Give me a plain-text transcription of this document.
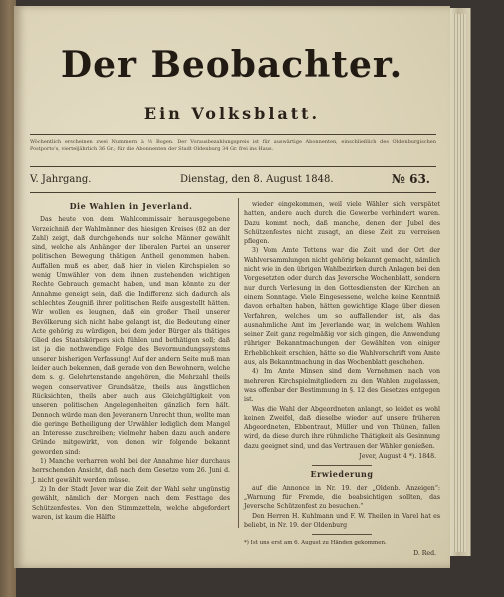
Der Beobachter.
Ein Volksblatt.
Wöchentlich erscheinen zwei Nummern à ½ Bogen. Der Vorausbezahlungspreis ist für auswärtige Abonnenten, einschließlich des Oldenburgischen Postporto's, vierteljährlich 36 Gr.; für die Abonnenten der Stadt Oldenburg 34 Gr. frei ins Haus.
V. Jahrgang.	Dienstag, den 8. August 1848.	№ 63.
Die Wahlen in Jeverland.

Das heute von dem Wahlcommissair herausgegebene Verzeichniß der Wahlmänner des hiesigen Kreises (82 an der Zahl) zeigt, daß durchgehends nur solche Männer gewählt sind, welche als Anhänger der liberalen Partei an unserer politischen Bewegung thätigen Antheil genommen haben. Auffallen muß es aber, daß hier in vielen Kirchspielen so wenig Umwähler von dem ihnen zustehenden wichtigen Rechte Gebrauch gemacht haben, und man könnte zu der Annahme geneigt sein, daß die Indifferenz sich dadurch als schlechtes Zeugniß ihrer politischen Reife ausgestellt hätten. Wir wollen es leugnen, daß ein großer Theil unserer Bevölkerung sich nicht habe gelangt ist, die Bedeutung einer Acte gehörig zu würdigen, bei dem jeder Bürger als thätiges Glied des Staatskörpers sich fühlen und bethätigen soll; daß ist ja die nothwendige Folge des Bevormundungssystems unserer bisherigen Verfassung! Auf der andern Seite muß man leider auch bekennen, daß gerade von den Bewohnern, welche dem s. g. Gelehrtenstande angehören, die Mehrzahl theils wegen conservativer Grundsätze, theils aus ängstlichen Rücksichten, theils aber auch aus Gleichgültigkeit von unseren politischen Angelegenheiten gänzlich fern hält. Dennoch würde man den Jeveranern Unrecht thun, wollte man die geringe Betheiligung der Urwähler lediglich dem Mangel an Interesse zuschreiben; vielmehr haben dazu auch andere Gründe mitgewirkt, von denen wir folgende bekannt geworden sind:

1) Manche verharren wohl bei der Annahme hier durchaus herrschenden Ansicht, daß nach dem Gesetze vom 26. Juni d. J. nicht gewählt werden müsse.

2) In der Stadt Jever war die Zeit der Wahl sehr ungünstig gewählt, nämlich der Morgen nach dem Festtage des Schützenfestes. Von den Stimmzetteln, welche abgefordert waren, ist kaum die Hälfte

wieder eingekommen, weil viele Wähler sich verspätet hatten, andere auch durch die Gewerbe verhindert waren. Dazu kommt noch, daß manche, denen der Jubel des Schützenfestes nicht zusagt, an diese Zeit zu verreisen pflegen.

3) Vom Amte Tettens war die Zeit und der Ort der Wahlversammlungen nicht gehörig bekannt gemacht, nämlich nicht wie in den übrigen Wahlbezirken durch Anlagen bei den Vorgesetzten oder durch das Jeversche Wochenblatt, sondern nur durch Verlesung in den Gottesdiensten der Kirchen an einem Sonntage. Viele Eingesessene, welche keine Kenntniß davon erhalten haben, hätten gewichtige Klage über diesen Verfahren, welches um so auffallender ist, als das ausnahmliche Amt im Jeverlande war, in welchem Wahlen seiner Zeit ganz regelmäßig vor sich gingen, die Anwendung rühriger Bekanntmachungen der Gewählten von einiger Erheblichkeit erschien, hätte so die Wahlvorschrift vom Amte aus, als Bekanntmachung in das Wochenblatt geschehen.

4) Im Amte Minsen sind dem Vernehmen nach von mehreren Kirchspielmitgliedern zu den Wahlen zugelassen, was offenbar der Bestimmung in §. 12 des Gesetzes entgegen ist.

Was die Wahl der Abgeordneten anlangt, so leidet es wohl keinen Zweifel, daß dieselbe wieder auf unsere früheren Abgeordneten, Ebbentraut, Müller und von Thünen, fallen wird, da diese durch ihre rühmliche Thätigkeit als Gesinnung dazu geeignet sind, und das Vertrauen der Wähler genießen.

Jever, August 4 *). 1848.
Erwiederung

auf die Annonce in Nr. 19. der „Oldenb. Anzeigen“: „Warnung für Fremde, die beabsichtigen sollten, das Jeversche Schützenfest zu besuchen.“

Den Herren H. Kuhlmann und F. W. Theilen in Varel hat es beliebt, in Nr. 19. der Oldenburg

*) Ist uns erst am 6. August zu Händen gekommen.
D. Red.
